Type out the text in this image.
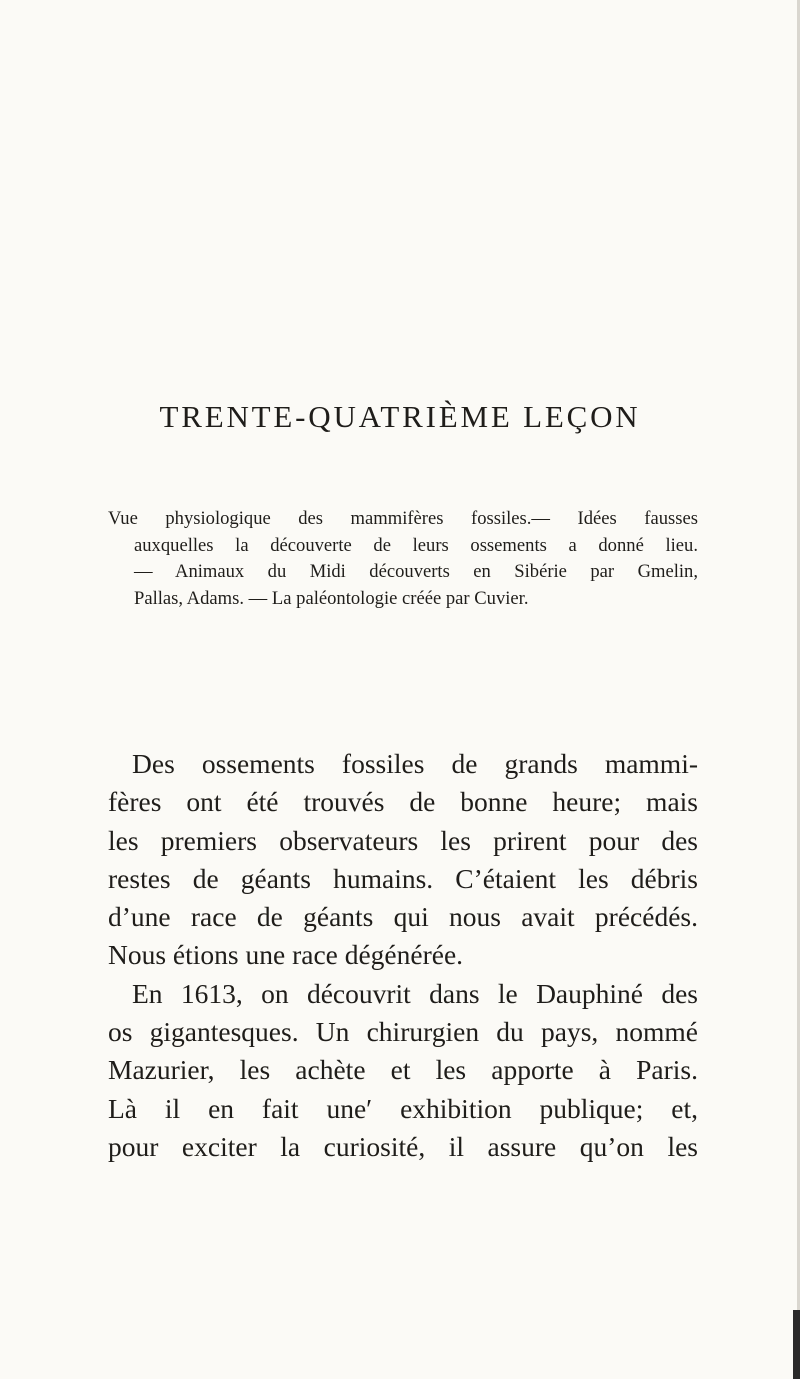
TRENTE-QUATRIÈME LEÇON
Vue physiologique des mammifères fossiles.— Idées fausses
auxquelles la découverte de leurs ossements a donné lieu.
— Animaux du Midi découverts en Sibérie par Gmelin,
Pallas, Adams. — La paléontologie créée par Cuvier.
Des ossements fossiles de grands mammi-
fères ont été trouvés de bonne heure; mais
les premiers observateurs les prirent pour des
restes de géants humains. C’étaient les débris
d’une race de géants qui nous avait précédés.
Nous étions une race dégénérée.
En 1613, on découvrit dans le Dauphiné des
os gigantesques. Un chirurgien du pays, nommé
Mazurier, les achète et les apporte à Paris.
Là il en fait une′ exhibition publique; et,
pour exciter la curiosité, il assure qu’on les
